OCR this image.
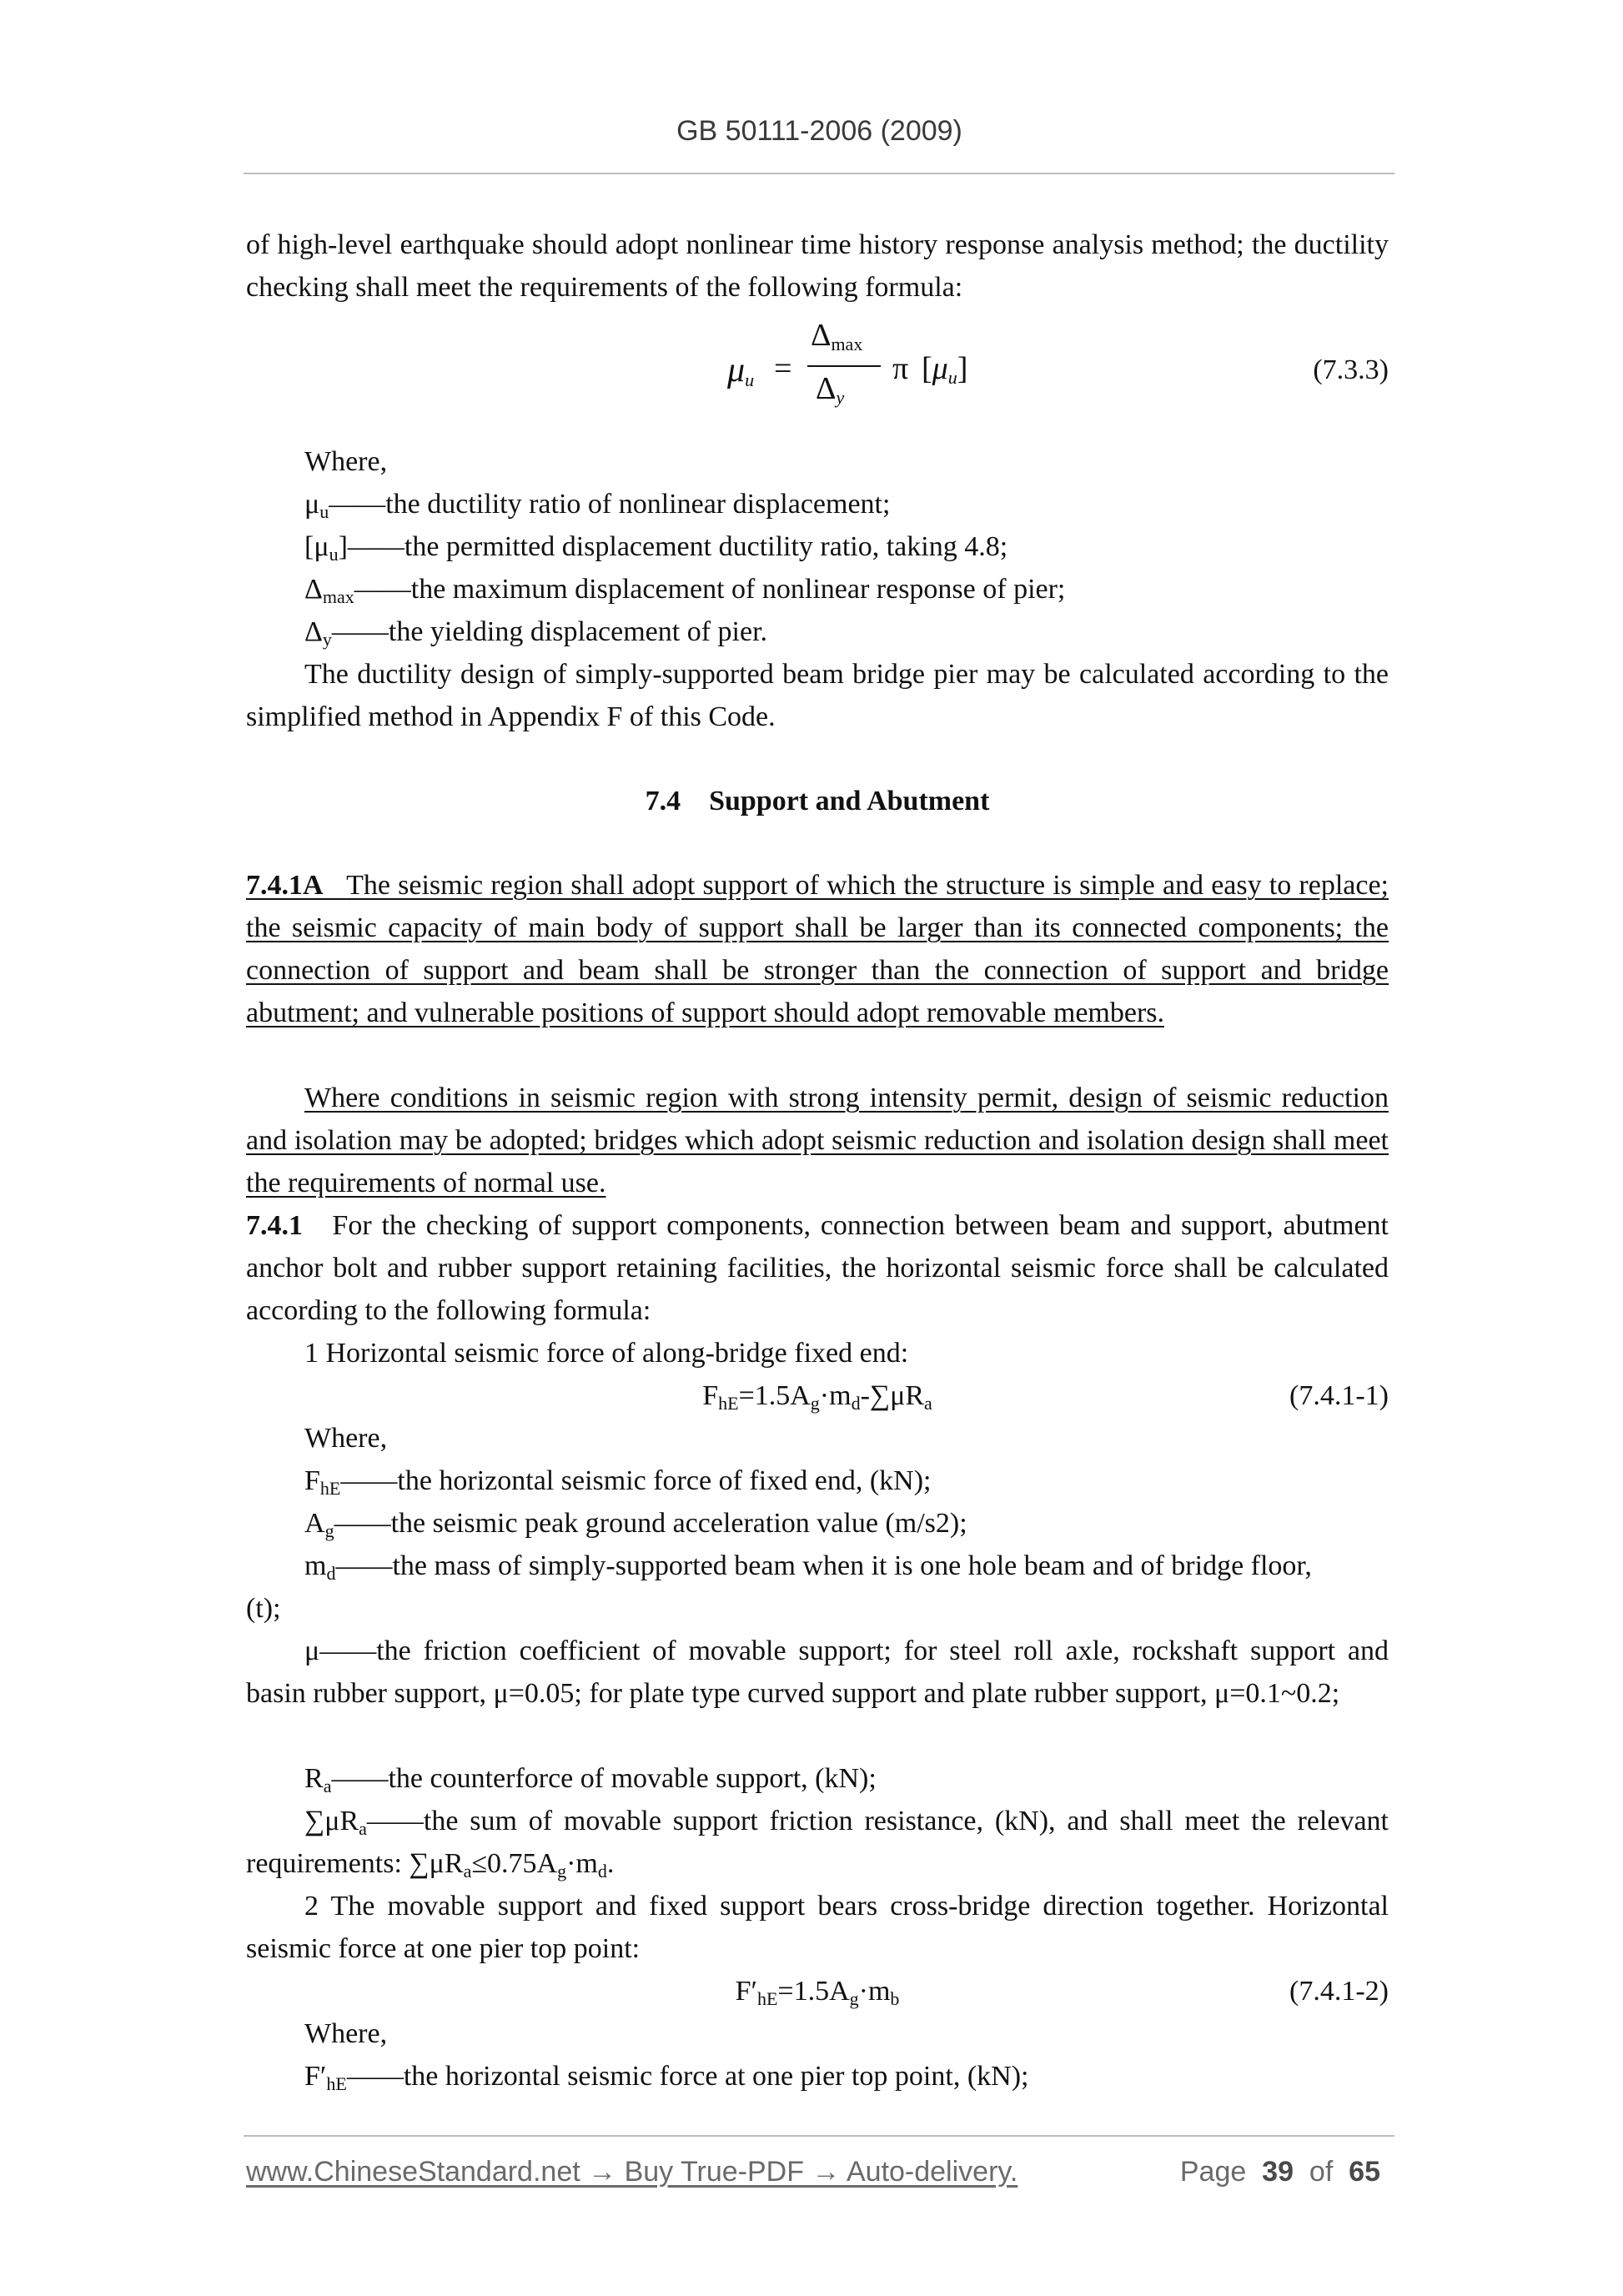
GB 50111-2006 (2009)

of high-level earthquake should adopt nonlinear time history response analysis method; the ductility checking shall meet the requirements of the following formula:

$\mu_u$ =
$\Delta_{max}$
$\Delta_y$
π $[\mu_u]$	(7.3.3)

Where,

$\mu_u——the$ ductility ratio of nonlinear displacement;

$[\mu_u]——the$ permitted displacement ductility ratio, taking 4.8;

$\Delta_{max}——the$ maximum displacement of nonlinear response of pier;

$\Delta_y——the$ yielding displacement of pier.

The ductility design of simply-supported beam bridge pier may be calculated according to the simplified method in Appendix F of this Code.

7.4 Support and Abutment

7.4.1A The seismic region shall adopt support of which the structure is simple and easy to replace; the seismic capacity of main body of support shall be larger than its connected components; the connection of support and beam shall be stronger than the connection of support and bridge abutment; and vulnerable positions of support should adopt removable members.

Where conditions in seismic region with strong intensity permit, design of seismic reduction and isolation may be adopted; bridges which adopt seismic reduction and isolation design shall meet the requirements of normal use.

7.4.1 For the checking of support components, connection between beam and support, abutment anchor bolt and rubber support retaining facilities, the horizontal seismic force shall be calculated according to the following formula:

1 Horizontal seismic force of along-bridge fixed end:

$F_{hE}=1.5A_g\cdot m_d-\sum\mu R_a$	(7.4.1-1)

Where,

$F_{hE}——the$ horizontal seismic force of fixed end, (kN);

$A_g——the$ seismic peak ground acceleration value (m/s2);

$m_d——the$ mass of simply-supported beam when it is one hole beam and of bridge floor,

(t);

μ——the friction coefficient of movable support; for steel roll axle, rockshaft support and basin rubber support, μ=0.05; for plate type curved support and plate rubber support, μ=0.1~0.2;

$R_a——the$ counterforce of movable support, (kN);

$\sum\mu R_a——the$ sum of movable support friction resistance, (kN), and shall meet the relevant requirements: $\sum\mu R_a\le 0.75A_g\cdot m_d$.

2 The movable support and fixed support bears cross-bridge direction together. Horizontal seismic force at one pier top point:

$F'_{hE}=1.5A_g\cdot m_b$	(7.4.1-2)

Where,

$F'_{hE}——the$ horizontal seismic force at one pier top point, (kN);

www.ChineseStandard.net → Buy True-PDF → Auto-delivery.	Page 39 of 65
